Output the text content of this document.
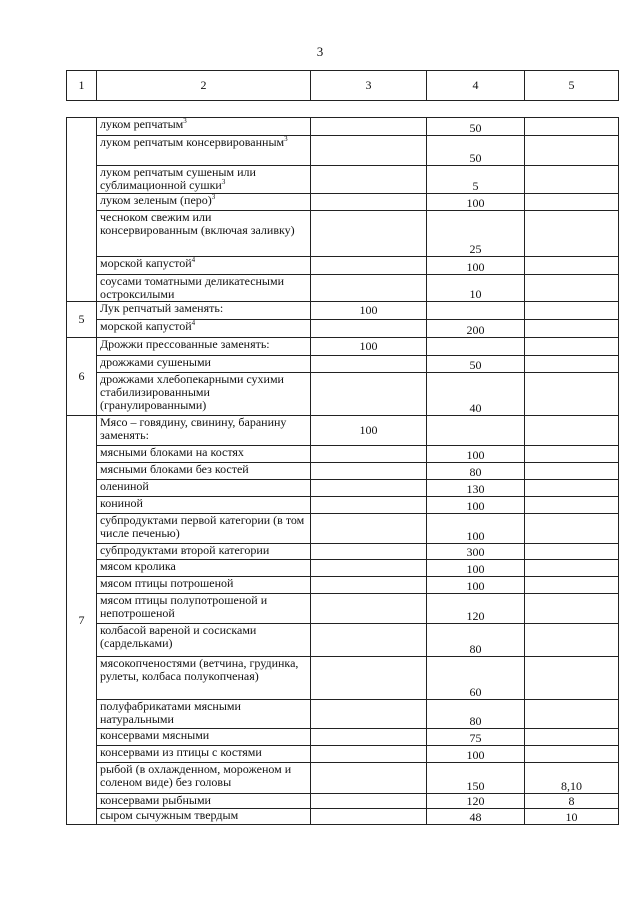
3
1	2	3	4	5
	луком репчатым$^3$		50	
	луком репчатым консервированным$^3$		50	
	луком репчатым сушеным или сублимационной сушки$^3$		5	
	луком зеленым (перо)$^3$		100	
	чесноком свежим или консервированным (включая заливку)		25	
	морской капустой$^4$		100	
	соусами томатными деликатесными остроксилыми		10	
5	Лук репчатый заменять:	100		
	морской капустой$^4$		200	
6	Дрожжи прессованные заменять:	100		
	дрожжами сушеными		50	
	дрожжами хлебопекарными сухими стабилизированными (гранулированными)		40	
7	Мясо – говядину, свинину, баранину заменять:	100		
	мясными блоками на костях		100	
	мясными блоками без костей		80	
	олениной		130	
	кониной		100	
	субпродуктами первой категории (в том числе печенью)		100	
	субпродуктами второй категории		300	
	мясом кролика		100	
	мясом птицы потрошеной		100	
	мясом птицы полупотрошеной и непотрошеной		120	
	колбасой вареной и сосисками (сардельками)		80	
	мясокопченостями (ветчина, грудинка, рулеты, колбаса полукопченая)		60	
	полуфабрикатами мясными натуральными		80	
	консервами мясными		75	
	консервами из птицы с костями		100	
	рыбой (в охлажденном, мороженом и соленом виде) без головы		150	8,10
	консервами рыбными		120	8
	сыром сычужным твердым		48	10
